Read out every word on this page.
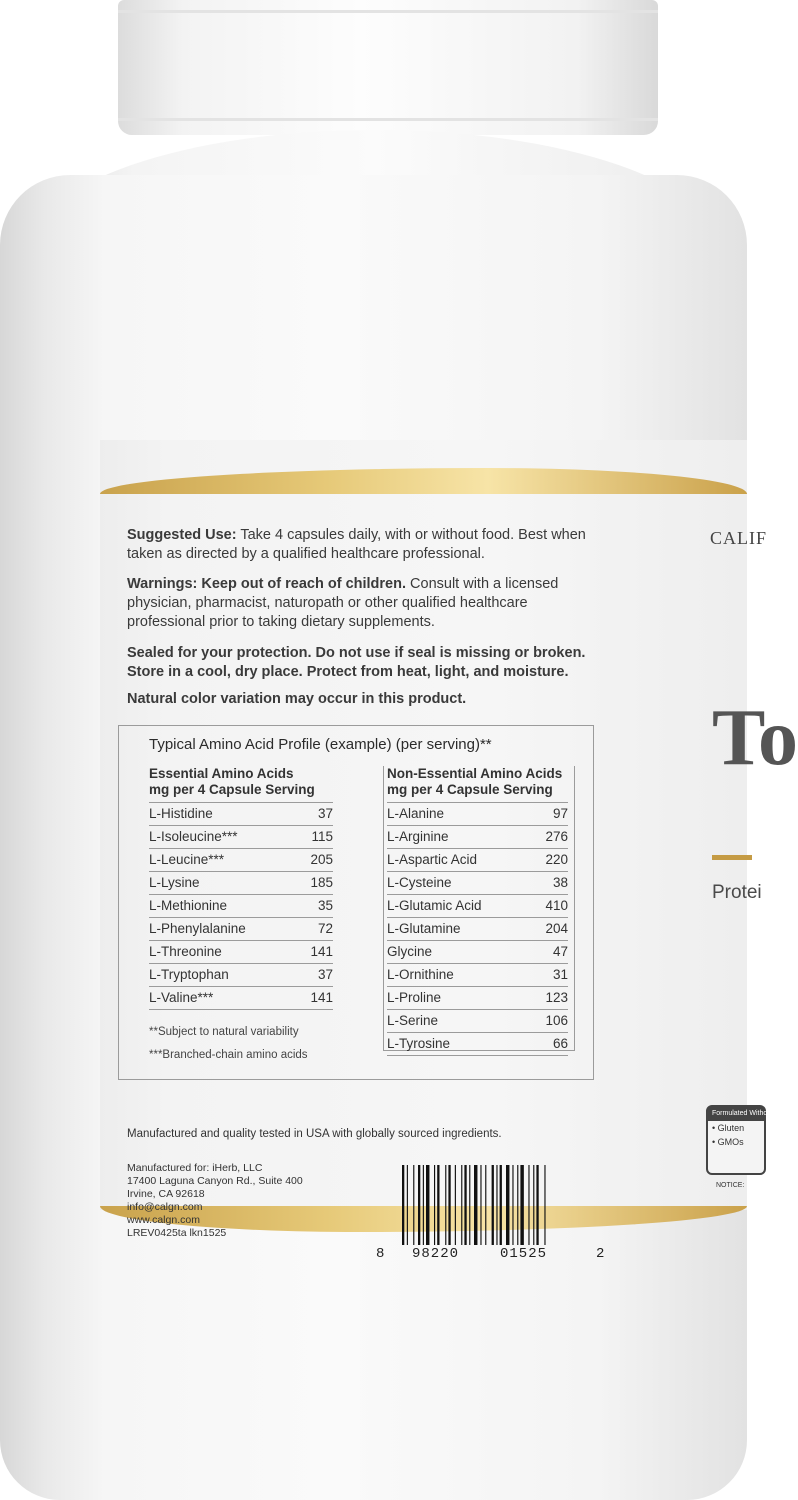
Suggested Use: Take 4 capsules daily, with or without food. Best when taken as directed by a qualified healthcare professional.
Warnings: Keep out of reach of children. Consult with a licensed physician, pharmacist, naturopath or other qualified healthcare professional prior to taking dietary supplements.
Sealed for your protection. Do not use if seal is missing or broken. Store in a cool, dry place. Protect from heat, light, and moisture.
Natural color variation may occur in this product.
Typical Amino Acid Profile (example) (per serving)**
Essential Amino Acids
mg per 4 Capsule Serving
L-Histidine	37
L-Isoleucine***	115
L-Leucine***	205
L-Lysine	185
L-Methionine	35
L-Phenylalanine	72
L-Threonine	141
L-Tryptophan	37
L-Valine***	141
Non-Essential Amino Acids
mg per 4 Capsule Serving
L-Alanine	97
L-Arginine	276
L-Aspartic Acid	220
L-Cysteine	38
L-Glutamic Acid	410
L-Glutamine	204
Glycine	47
L-Ornithine	31
L-Proline	123
L-Serine	106
L-Tyrosine	66
**Subject to natural variability
***Branched-chain amino acids
Manufactured and quality tested in USA with globally sourced ingredients.
Manufactured for: iHerb, LLC
17400 Laguna Canyon Rd., Suite 400
Irvine, CA 92618
info@calgn.com
www.calgn.com
LREV0425ta lkn1525
8 98220	01525	2
CALIF
To
Protei
Formulated Without
• Gluten
• GMOs
NOTICE:
